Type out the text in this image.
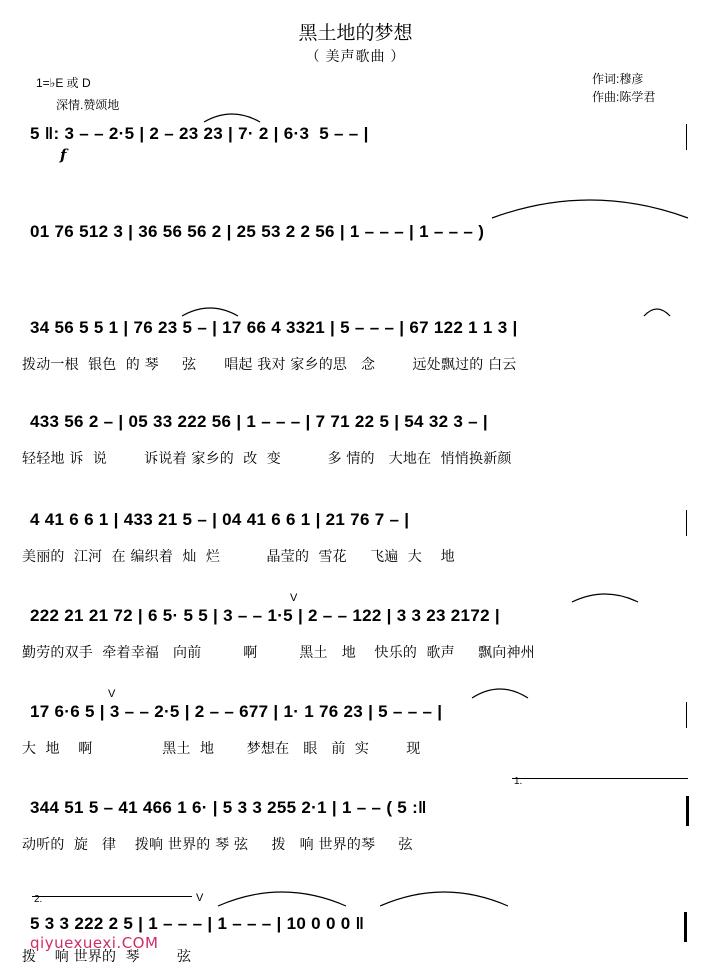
黑土地的梦想
（ 美声歌曲 ）
1=♭E 或 D
深情.赞颂地
作词:穆彦
作曲:陈学君
5 ‖: 3 – – 2·5 | 2 – 23 23 | 7· 2 | 6·3  5 – – |
f
01 76 512 3 | 36 56 56 2 | 25 53 2 2 56 | 1 – – – | 1 – – – )
34 56 5 5 1 | 76 23 5 – | 17 66 4 3321 | 5 – – – | 67 122 1 1 3 |
拨动一根  银色  的 琴     弦      唱起 我对 家乡的思   念        远处飘过的 白云
433 56 2 – | 05 33 222 56 | 1 – – – | 7 71 22 5 | 54 32 3 – |
轻轻地 诉  说        诉说着 家乡的  改  变          多 情的   大地在  悄悄换新颜
4 41 6 6 1 | 433 21 5 – | 04 41 6 6 1 | 21 76 7 – |
美丽的  江河  在 编织着  灿  烂          晶莹的  雪花     飞遍  大    地
222 21 21 72 | 6 5· 5 5 | 3 – – 1·5 | 2 – – 122 | 3 3 23 2172 |
勤劳的双手  牵着幸福   向前         啊         黑土   地    快乐的  歌声     飘向神州
V
17 6·6 5 | 3 – – 2·5 | 2 – – 677 | 1· 1 76 23 | 5 – – – |
大  地    啊               黑土  地       梦想在   眼   前  实        现
V
344 51 5 – 41 466 1 6· | 5 3 3 255 2·1 | 1 – – ( 5 :‖
动听的  旋   律    拨响 世界的 琴 弦     拨   响 世界的琴     弦
1.
5 3 3 222 2 5 | 1 – – – | 1 – – – | 10 0 0 0 ‖
拨    响 世界的  琴        弦
2.	V
qiyuexuexi.COM
